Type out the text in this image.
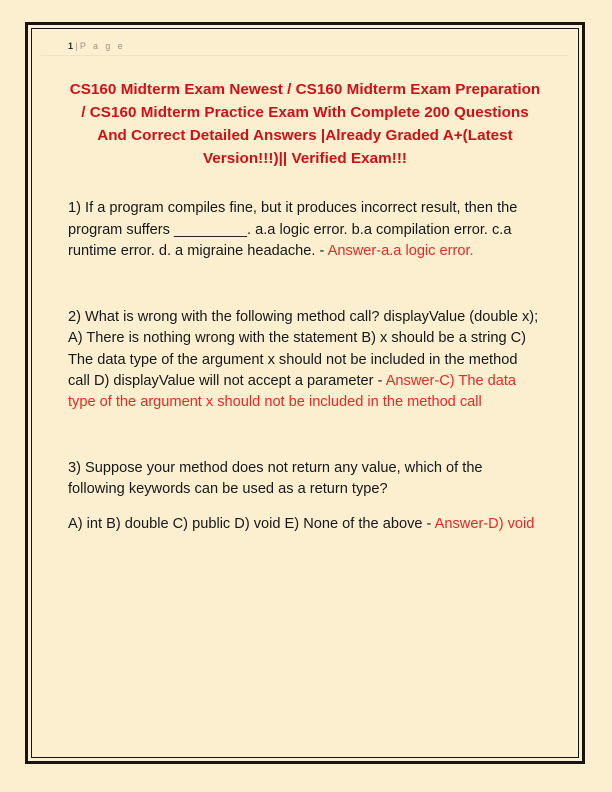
1 | P a g e
CS160 Midterm Exam Newest / CS160 Midterm Exam Preparation / CS160 Midterm Practice Exam With Complete 200 Questions And Correct Detailed Answers |Already Graded A+(Latest Version!!!)|| Verified Exam!!!

1) If a program compiles fine, but it produces incorrect result, then the program suffers _________. a.a logic error. b.a compilation error. c.a runtime error. d. a migraine headache. - Answer-a.a logic error.

2) What is wrong with the following method call? displayValue (double x); A) There is nothing wrong with the statement B) x should be a string C) The data type of the argument x should not be included in the method call D) displayValue will not accept a parameter - Answer-C) The data type of the argument x should not be included in the method call

3) Suppose your method does not return any value, which of the following keywords can be used as a return type?

A) int B) double C) public D) void E) None of the above - Answer-D) void
